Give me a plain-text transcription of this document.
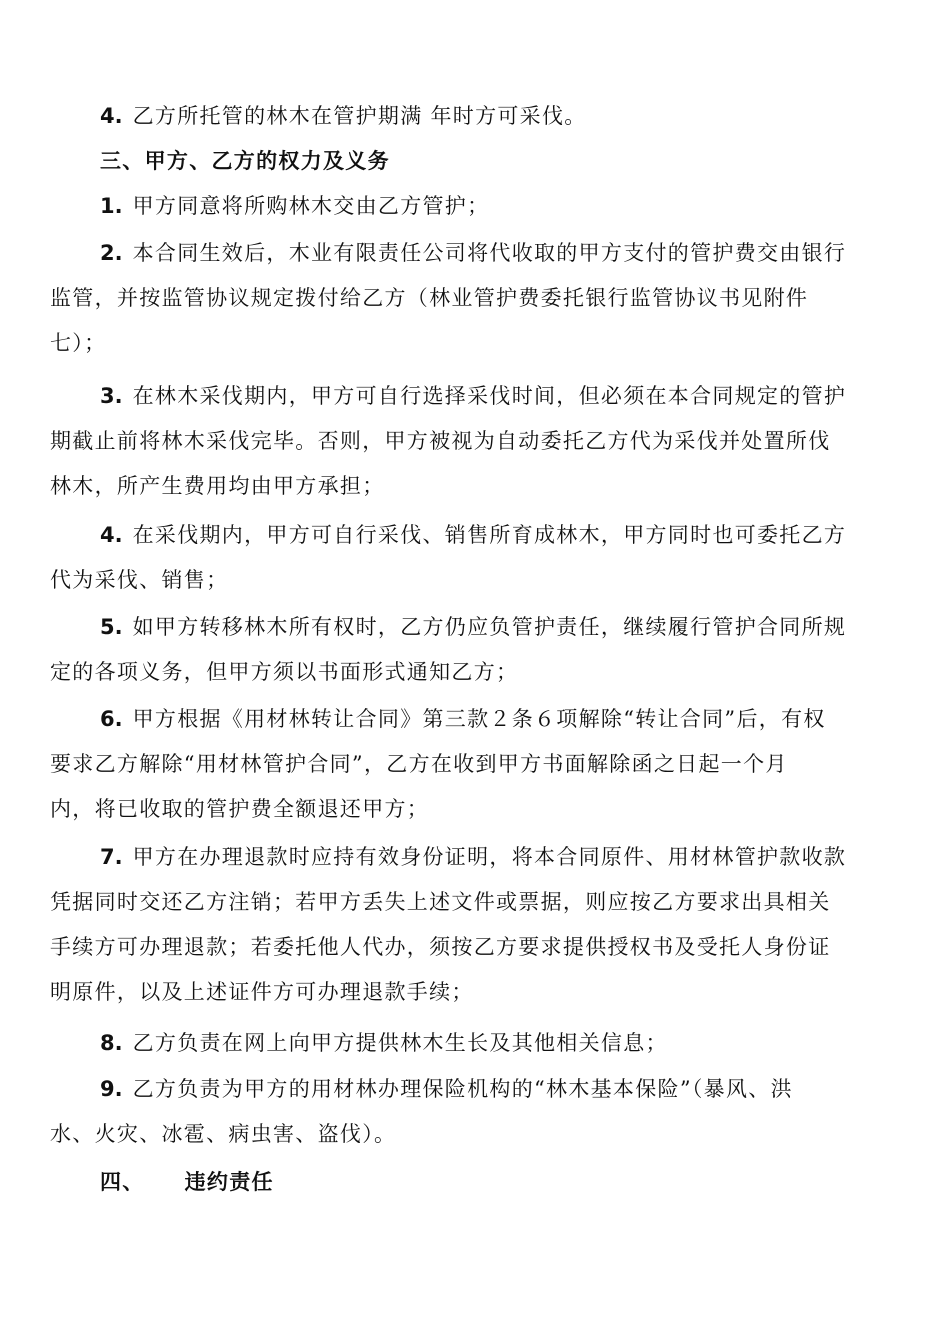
4. 乙方所托管的林木在管护期满 年时方可采伐。

三、甲方、乙方的权力及义务

1. 甲方同意将所购林木交由乙方管护；
2. 本合同生效后，木业有限责任公司将代收取的甲方支付的管护费交由银行
监管，并按监管协议规定拨付给乙方（林业管护费委托银行监管协议书见附件
七）；
3. 在林木采伐期内，甲方可自行选择采伐时间，但必须在本合同规定的管护
期截止前将林木采伐完毕。否则，甲方被视为自动委托乙方代为采伐并处置所伐
林木，所产生费用均由甲方承担；
4. 在采伐期内，甲方可自行采伐、销售所育成林木，甲方同时也可委托乙方
代为采伐、销售；
5. 如甲方转移林木所有权时，乙方仍应负管护责任，继续履行管护合同所规
定的各项义务，但甲方须以书面形式通知乙方；
6. 甲方根据《用材林转让合同》第三款２条６项解除“转让合同”后，有权
要求乙方解除“用材林管护合同”，乙方在收到甲方书面解除函之日起一个月
内，将已收取的管护费全额退还甲方；
7. 甲方在办理退款时应持有效身份证明，将本合同原件、用材林管护款收款
凭据同时交还乙方注销；若甲方丢失上述文件或票据，则应按乙方要求出具相关
手续方可办理退款；若委托他人代办，须按乙方要求提供授权书及受托人身份证
明原件，以及上述证件方可办理退款手续；
8. 乙方负责在网上向甲方提供林木生长及其他相关信息；
9. 乙方负责为甲方的用材林办理保险机构的“林木基本保险”（暴风、洪
水、火灾、冰雹、病虫害、盗伐）。

四、 违约责任
